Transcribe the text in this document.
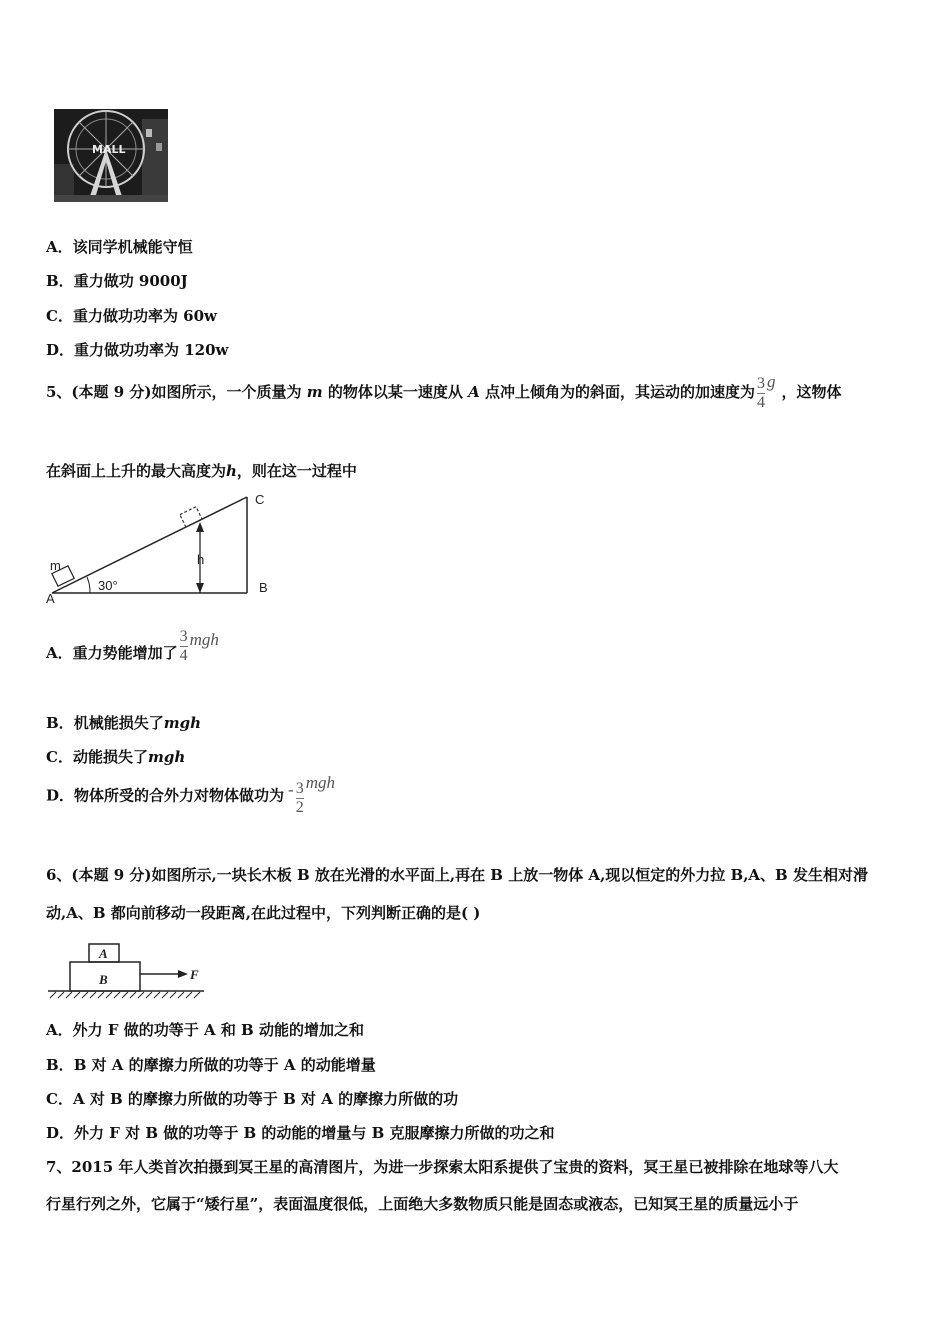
MALL
A．该同学机械能守恒
B．重力做功 9000J
C．重力做功功率为 60w
D．重力做功功率为 120w
5、(本题 9 分)如图所示，一个质量为 m 的物体以某一速度从 A 点冲上倾角为的斜面，其运动的加速度为 $\frac{3}{4}$ g，这物体
在斜面上上升的最大高度为h，则在这一过程中
m
A
B
C
h
30°
A．重力势能增加了 $\frac{3}{4}$ mgh
B．机械能损失了mgh
C．动能损失了mgh
D．物体所受的合外力对物体做功为 - $\frac{3}{2}$ mgh
6、(本题 9 分)如图所示,一块长木板 B 放在光滑的水平面上,再在 B 上放一物体 A,现以恒定的外力拉 B,A、B 发生相对滑
动,A、B 都向前移动一段距离,在此过程中，下列判断正确的是( )
A
B	F
A．外力 F 做的功等于 A 和 B 动能的增加之和
B．B 对 A 的摩擦力所做的功等于 A 的动能增量
C．A 对 B 的摩擦力所做的功等于 B 对 A 的摩擦力所做的功
D．外力 F 对 B 做的功等于 B 的动能的增量与 B 克服摩擦力所做的功之和
7、2015 年人类首次拍摄到冥王星的高清图片，为进一步探索太阳系提供了宝贵的资料，冥王星已被排除在地球等八大
行星行列之外，它属于“矮行星”，表面温度很低，上面绝大多数物质只能是固态或液态，已知冥王星的质量远小于
